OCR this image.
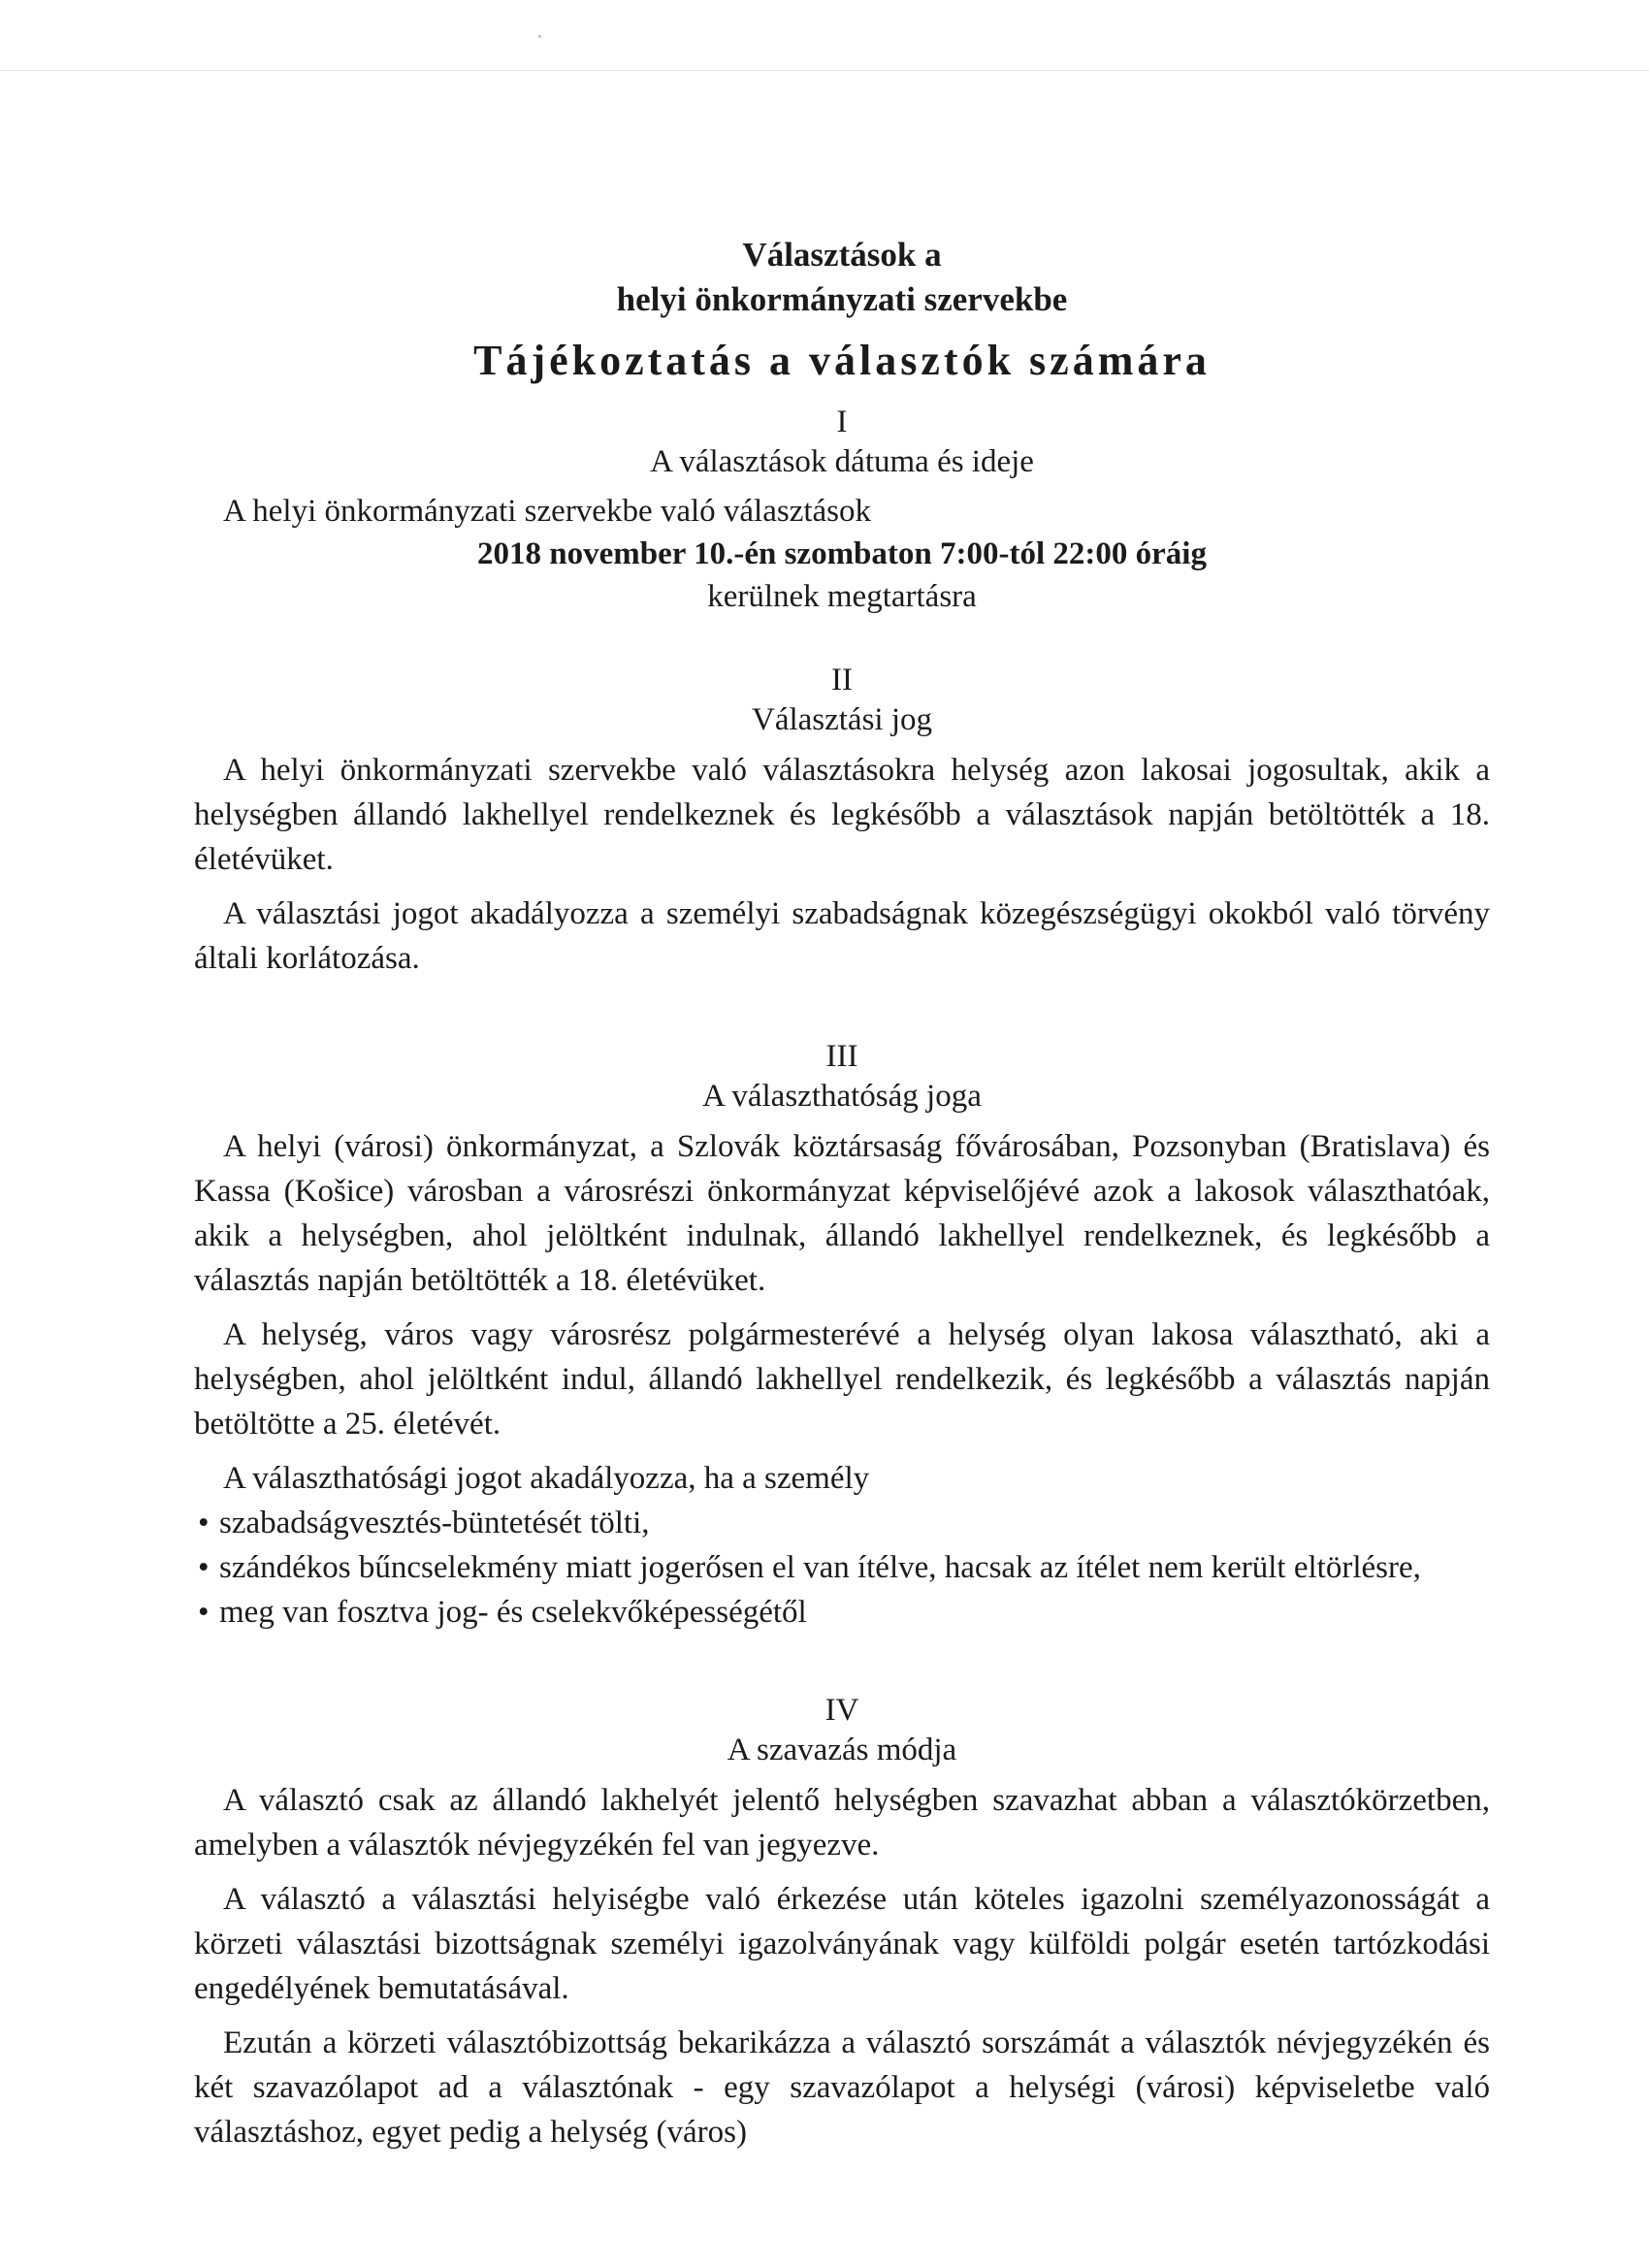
Választások a
helyi önkormányzati szervekbe
Tájékoztatás a választók számára
I
A választások dátuma és ideje
A helyi önkormányzati szervekbe való választások
2018 november 10.-én szombaton 7:00-tól 22:00 óráig
kerülnek megtartásra
II
Választási jog

A helyi önkormányzati szervekbe való választásokra helység azon lakosai jogosultak, akik a helységben állandó lakhellyel rendelkeznek és legkésőbb a választások napján betöltötték a 18. életévüket.

A választási jogot akadályozza a személyi szabadságnak közegészségügyi okokból való törvény általi korlátozása.

III
A választhatóság joga

A helyi (városi) önkormányzat, a Szlovák köztársaság fővárosában, Pozsonyban (Bratislava) és Kassa (Košice) városban a városrészi önkormányzat képviselőjévé azok a lakosok választhatóak, akik a helységben, ahol jelöltként indulnak, állandó lakhellyel rendelkeznek, és legkésőbb a választás napján betöltötték a 18. életévüket.

A helység, város vagy városrész polgármesterévé a helység olyan lakosa választható, aki a helységben, ahol jelöltként indul, állandó lakhellyel rendelkezik, és legkésőbb a választás napján betöltötte a 25. életévét.

A választhatósági jogot akadályozza, ha a személy

• szabadságvesztés-büntetését tölti,
• szándékos bűncselekmény miatt jogerősen el van ítélve, hacsak az ítélet nem került eltörlésre,
• meg van fosztva jog- és cselekvőképességétől
IV
A szavazás módja

A választó csak az állandó lakhelyét jelentő helységben szavazhat abban a választókörzetben, amelyben a választók névjegyzékén fel van jegyezve.

A választó a választási helyiségbe való érkezése után köteles igazolni személyazonosságát a körzeti választási bizottságnak személyi igazolványának vagy külföldi polgár esetén tartózkodási engedélyének bemutatásával.

Ezután a körzeti választóbizottság bekarikázza a választó sorszámát a választók névjegyzékén és két szavazólapot ad a választónak - egy szavazólapot a helységi (városi) képviseletbe való választáshoz, egyet pedig a helység (város)
